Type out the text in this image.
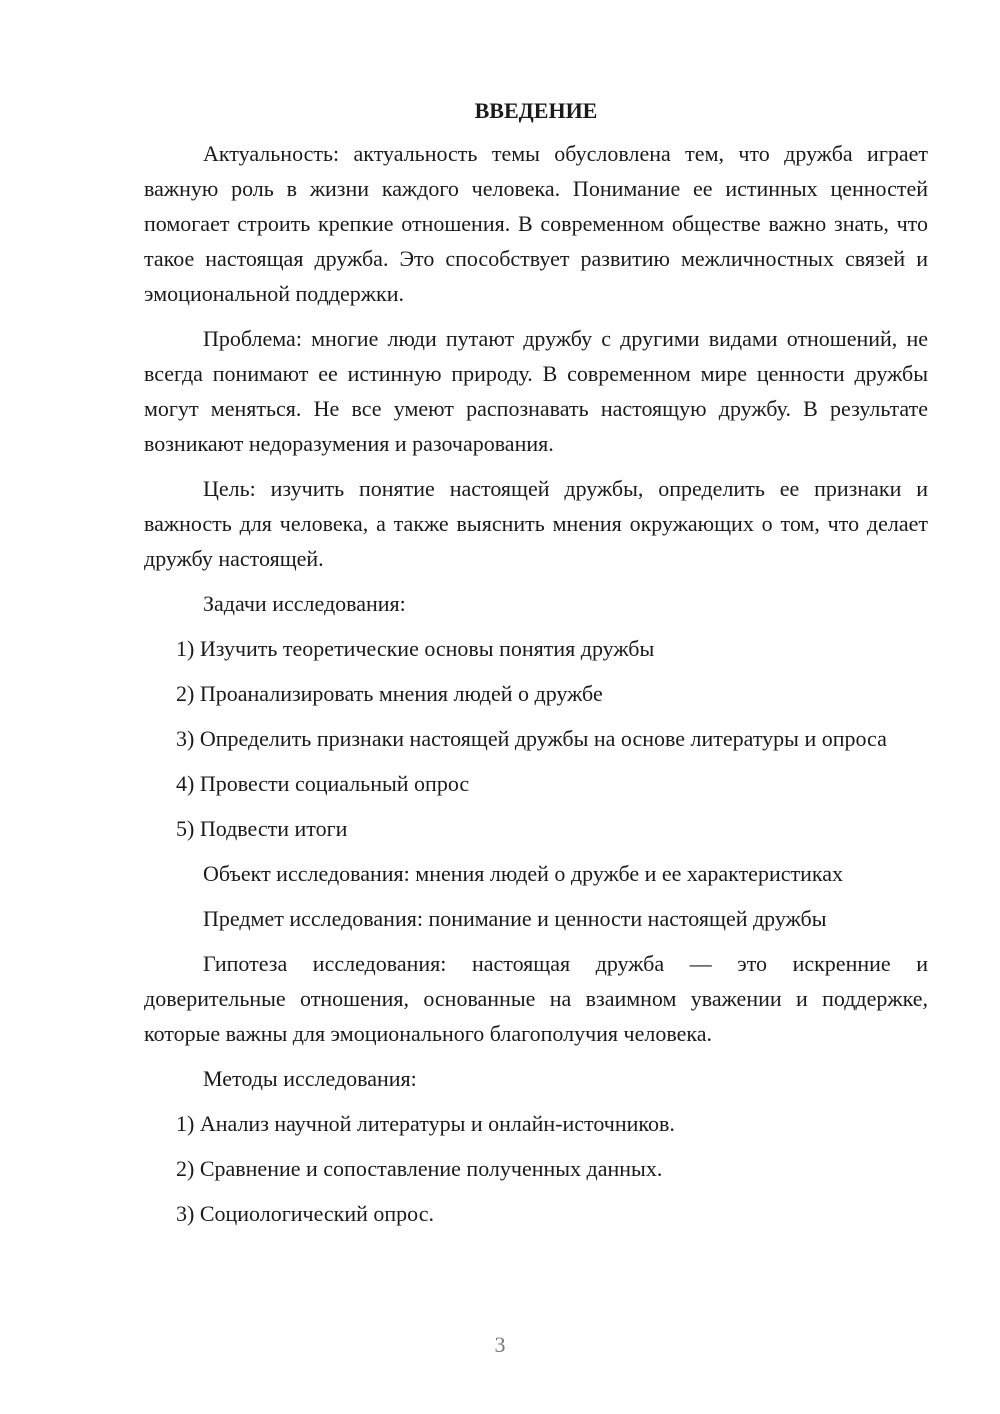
ВВЕДЕНИЕ

Актуальность: актуальность темы обусловлена тем, что дружба играет важную роль в жизни каждого человека. Понимание ее истинных ценностей помогает строить крепкие отношения. В современном обществе важно знать, что такое настоящая дружба. Это способствует развитию межличностных связей и эмоциональной поддержки.

Проблема: многие люди путают дружбу с другими видами отношений, не всегда понимают ее истинную природу. В современном мире ценности дружбы могут меняться. Не все умеют распознавать настоящую дружбу. В результате возникают недоразумения и разочарования.

Цель: изучить понятие настоящей дружбы, определить ее признаки и важность для человека, а также выяснить мнения окружающих о том, что делает дружбу настоящей.

Задачи исследования:

1) Изучить теоретические основы понятия дружбы

2) Проанализировать мнения людей о дружбе

3) Определить признаки настоящей дружбы на основе литературы и опроса

4) Провести социальный опрос

5) Подвести итоги

Объект исследования: мнения людей о дружбе и ее характеристиках

Предмет исследования: понимание и ценности настоящей дружбы

Гипотеза исследования: настоящая дружба — это искренние и доверительные отношения, основанные на взаимном уважении и поддержке, которые важны для эмоционального благополучия человека.

Методы исследования:

1) Анализ научной литературы и онлайн-источников.

2) Сравнение и сопоставление полученных данных.

3) Социологический опрос.

3
